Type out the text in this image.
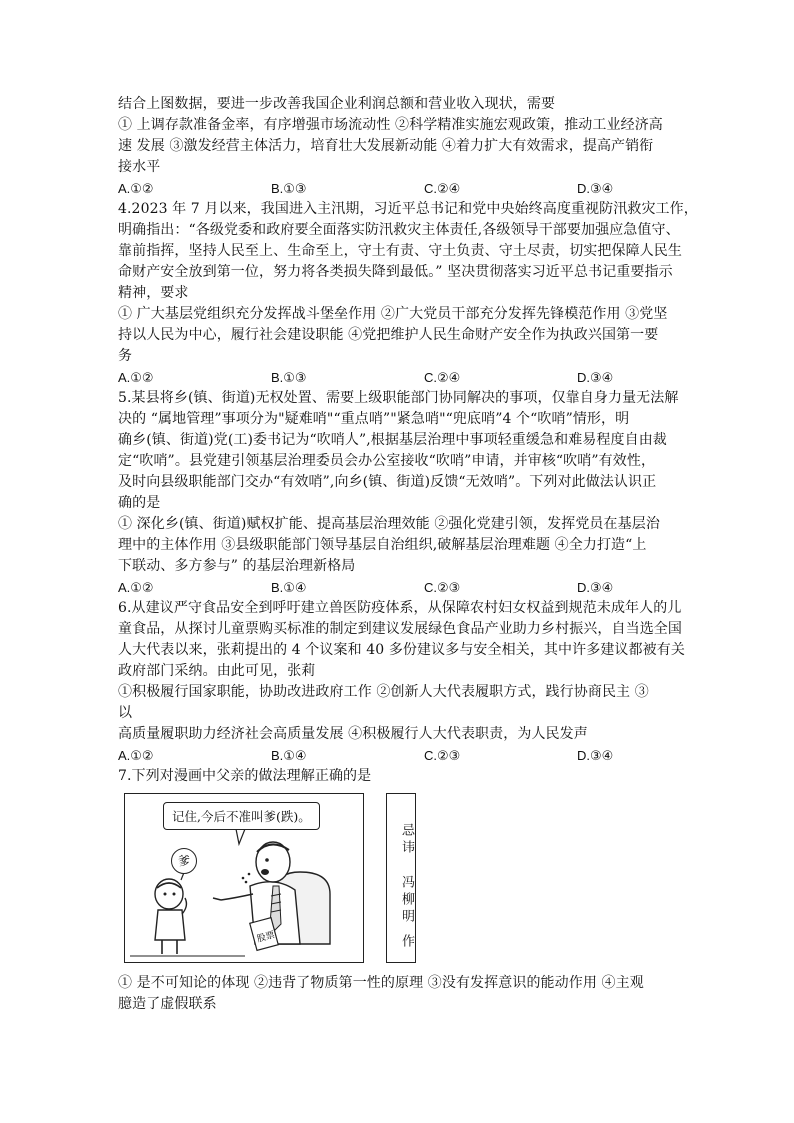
结合上图数据，要进一步改善我国企业利润总额和营业收入现状，需要
① 上调存款准备金率，有序增强市场流动性 ②科学精准实施宏观政策，推动工业经济高
速 发展 ③激发经营主体活力，培育壮大发展新动能 ④着力扩大有效需求，提高产销衔
接水平
A.①②	B.①③	C.②④	D.③④
4.2023 年 7 月以来，我国进入主汛期，习近平总书记和党中央始终高度重视防汛救灾工作，
明确指出：“各级党委和政府要全面落实防汛救灾主体责任,各级领导干部要加强应急值守、
靠前指挥，坚持人民至上、生命至上，守土有责、守土负责、守土尽责，切实把保障人民生
命财产安全放到第一位，努力将各类损失降到最低。” 坚决贯彻落实习近平总书记重要指示
精神，要求
① 广大基层党组织充分发挥战斗堡垒作用 ②广大党员干部充分发挥先锋模范作用 ③党坚
持以人民为中心，履行社会建设职能 ④党把维护人民生命财产安全作为执政兴国第一要
务
A.①②	B.①③	C.②④	D.③④
5.某县将乡(镇、街道)无权处置、需要上级职能部门协同解决的事项，仅靠自身力量无法解
决的 “属地管理”事项分为"疑难哨"“重点哨”"紧急哨"“兜底哨”4 个“吹哨”情形，明
确乡(镇、街道)党(工)委书记为“吹哨人”,根据基层治理中事项轻重缓急和难易程度自由裁
定“吹哨”。县党建引领基层治理委员会办公室接收“吹哨”申请，并审核“吹哨”有效性，
及时向县级职能部门交办“有效哨”,向乡(镇、街道)反馈“无效哨”。下列对此做法认识正
确的是
① 深化乡(镇、街道)赋权扩能、提高基层治理效能 ②强化党建引领，发挥党员在基层治
理中的主体作用 ③县级职能部门领导基层自治组织,破解基层治理难题 ④全力打造“上
下联动、多方参与” 的基层治理新格局
A.①②	B.①④	C.②③	D.③④
6.从建议严守食品安全到呼吁建立兽医防疫体系，从保障农村妇女权益到规范未成年人的儿
童食品，从探讨儿童票购买标准的制定到建议发展绿色食品产业助力乡村振兴，自当选全国
人大代表以来，张莉提出的 4 个议案和 40 多份建议多与安全相关，其中许多建议都被有关
政府部门采纳。由此可见，张莉
①积极履行国家职能，协助改进政府工作 ②创新人大代表履职方式，践行协商民主 ③
以
高质量履职助力经济社会高质量发展 ④积极履行人大代表职责，为人民发声
A.①②	B.①④	C.②③	D.③④
7.下列对漫画中父亲的做法理解正确的是
股票
记住,今后不准叫爹(跌)。
爹
忌讳冯柳明 作
① 是不可知论的体现 ②违背了物质第一性的原理 ③没有发挥意识的能动作用 ④主观
臆造了虚假联系
